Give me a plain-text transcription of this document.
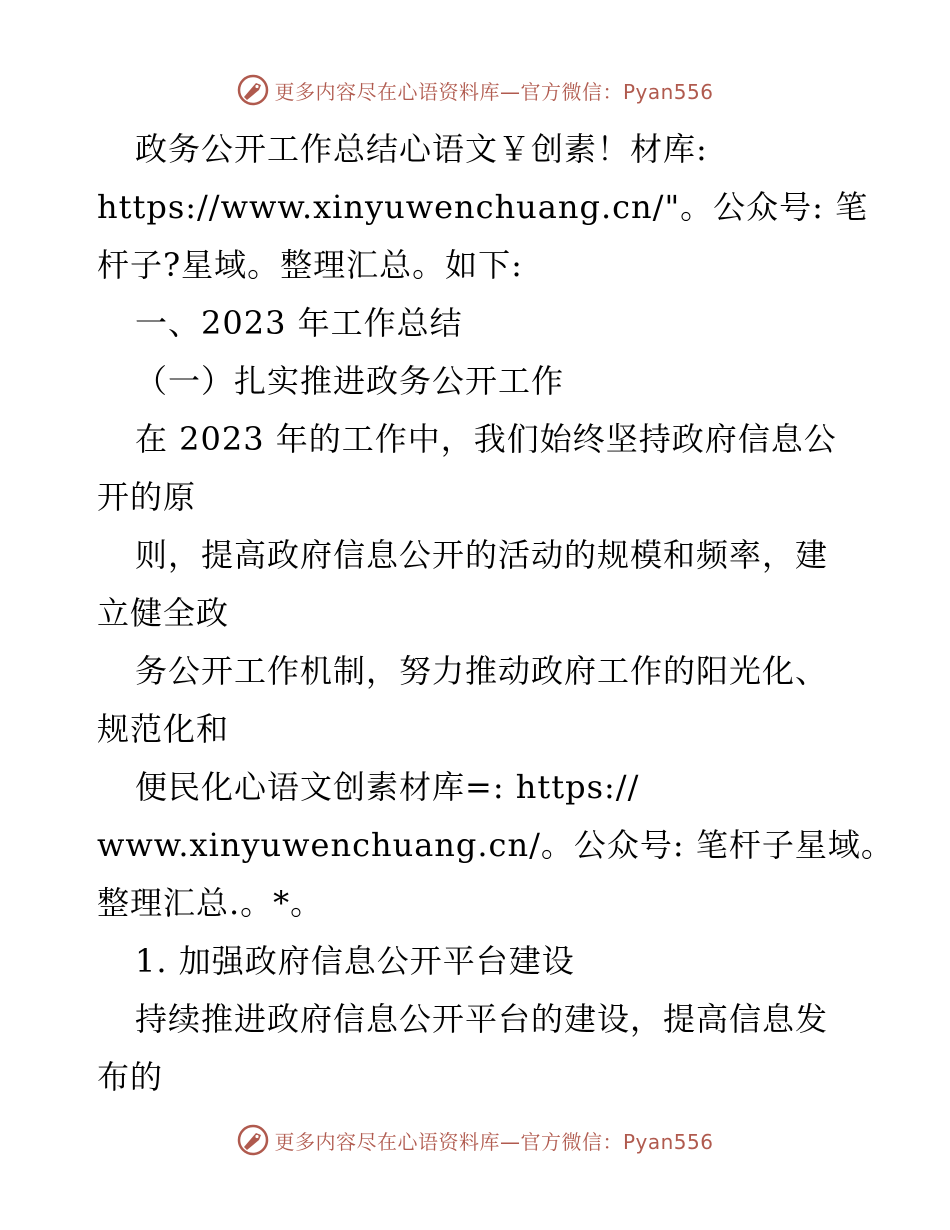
更多内容尽在心语资料库—官方微信：Pyan556
政务公开工作总结心语文￥创素！材库:
https://www.xinyuwenchuang.cn/"。公众号: 笔
杆子?星域。整理汇总。如下:
一、2023 年工作总结
（一）扎实推进政务公开工作
在 2023 年的工作中，我们始终坚持政府信息公
开的原
则，提高政府信息公开的活动的规模和频率，建
立健全政
务公开工作机制，努力推动政府工作的阳光化、
规范化和
便民化心语文创素材库=: https://
www.xinyuwenchuang.cn/。公众号: 笔杆子星域。
整理汇总.。*。
1. 加强政府信息公开平台建设
持续推进政府信息公开平台的建设，提高信息发
布的
更多内容尽在心语资料库—官方微信：Pyan556
